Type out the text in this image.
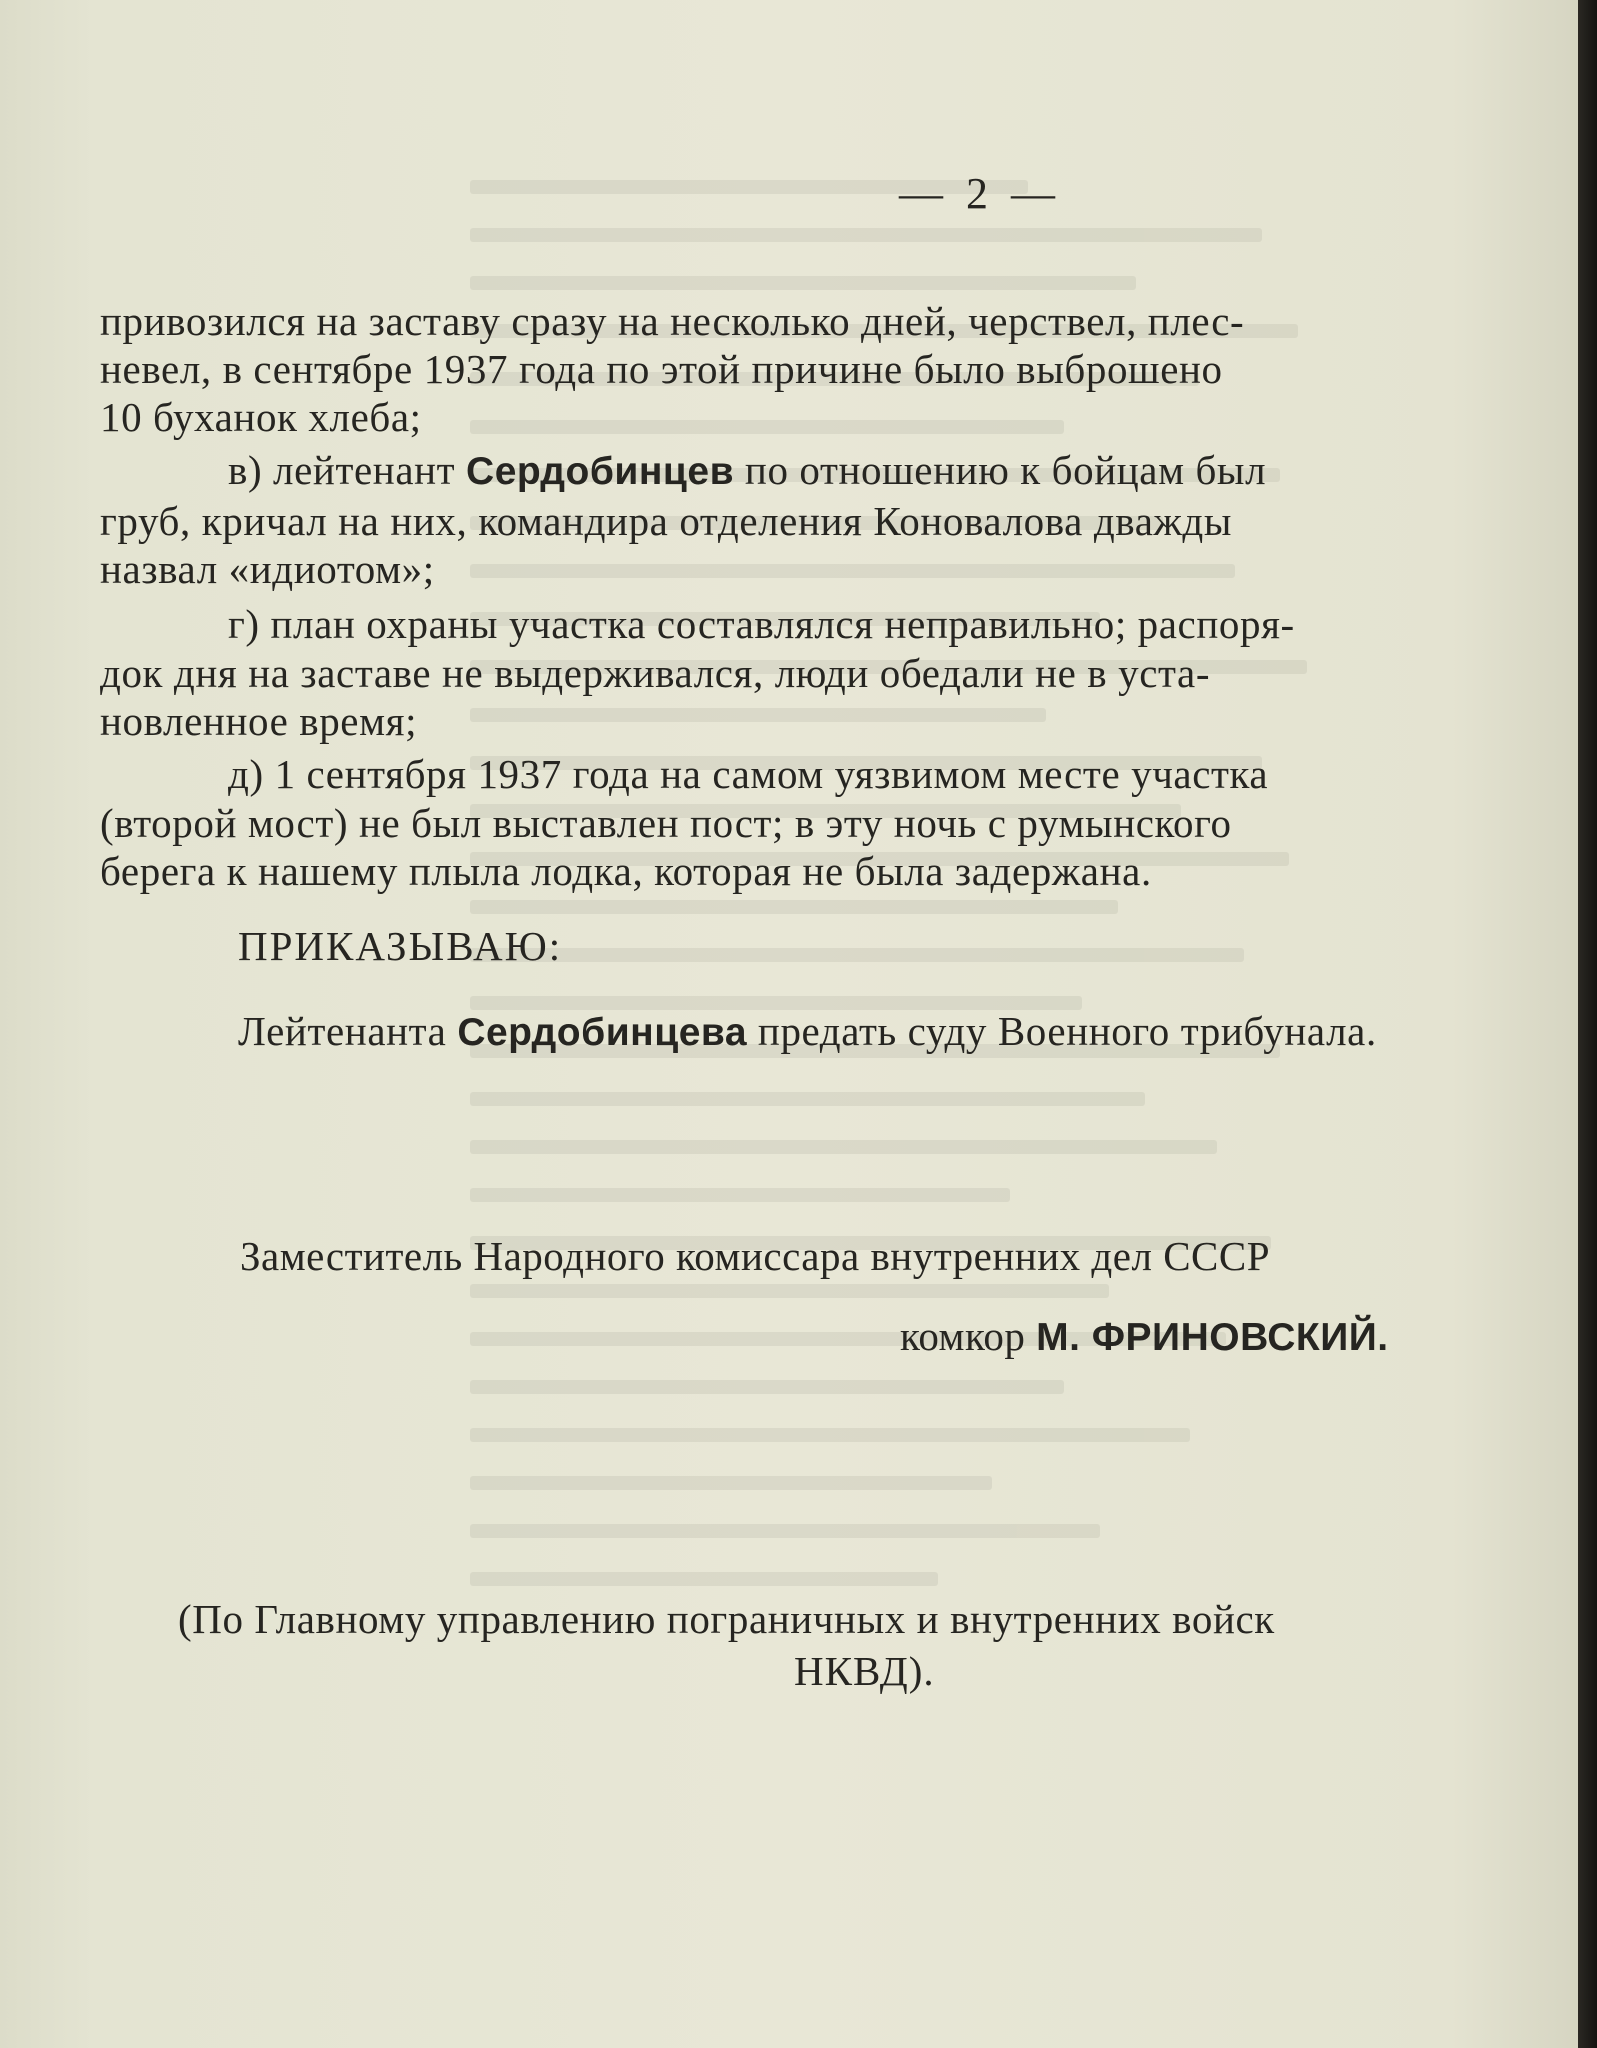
— 2 —
привозился на заставу сразу на несколько дней, черствел, плес-
невел, в сентябре 1937 года по этой причине было выброшено
10 буханок хлеба;
в) лейтенант Сердобинцев по отношению к бойцам был
груб, кричал на них, командира отделения Коновалова дважды
назвал «идиотом»;
г) план охраны участка составлялся неправильно; распоря-
док дня на заставе не выдерживался, люди обедали не в уста-
новленное время;
д) 1 сентября 1937 года на самом уязвимом месте участка
(второй мост) не был выставлен пост; в эту ночь с румынского
берега к нашему плыла лодка, которая не была задержана.
ПРИКАЗЫВАЮ:
Лейтенанта Сердобинцева предать суду Военного трибунала.
Заместитель Народного комиссара внутренних дел СССР
комкор М. ФРИНОВСКИЙ.
(По Главному управлению пограничных и внутренних войск
НКВД).
